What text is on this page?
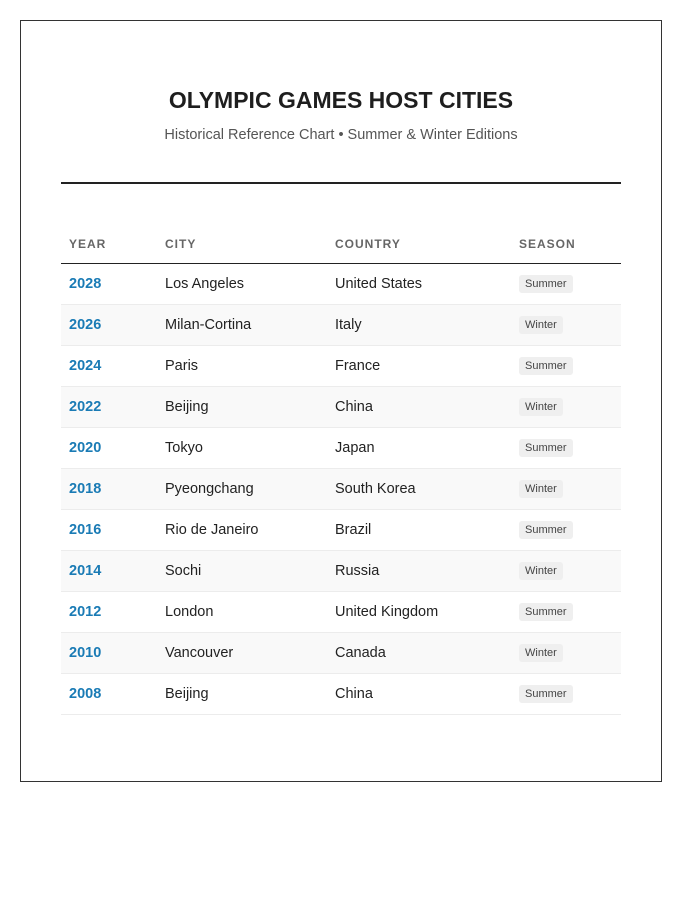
OLYMPIC GAMES HOST CITIES
Historical Reference Chart • Summer & Winter Editions
YEAR	CITY	COUNTRY	SEASON
2028	Los Angeles	United States	Summer
2026	Milan-Cortina	Italy	Winter
2024	Paris	France	Summer
2022	Beijing	China	Winter
2020	Tokyo	Japan	Summer
2018	Pyeongchang	South Korea	Winter
2016	Rio de Janeiro	Brazil	Summer
2014	Sochi	Russia	Winter
2012	London	United Kingdom	Summer
2010	Vancouver	Canada	Winter
2008	Beijing	China	Summer
